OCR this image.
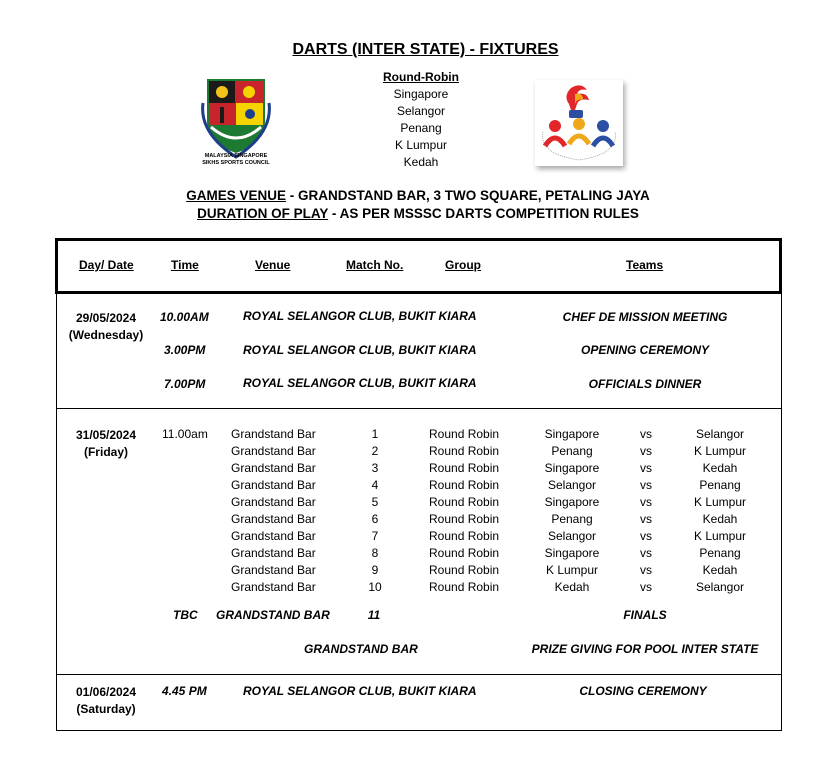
DARTS (INTER STATE) - FIXTURES
MALAYSIA SINGAPORE
SIKHS SPORTS COUNCIL
Round-Robin
Singapore
Selangor
Penang
K Lumpur
Kedah
GAMES VENUE - GRANDSTAND BAR, 3 TWO SQUARE, PETALING JAYA
DURATION OF PLAY - AS PER MSSSC DARTS COMPETITION RULES
Day/ Date	Time	Venue	Match No.	Group	Teams
29/05/2024
(Wednesday)
10.00AM	ROYAL SELANGOR CLUB, BUKIT KIARA	CHEF DE MISSION MEETING
3.00PM	ROYAL SELANGOR CLUB, BUKIT KIARA	OPENING CEREMONY
7.00PM	ROYAL SELANGOR CLUB, BUKIT KIARA	OFFICIALS DINNER
31/05/2024
(Friday)
11.00am Grandstand Bar	1	Round Robin	Singapore	vs	Selangor
Grandstand Bar	2	Round Robin	Penang	vs	K Lumpur
Grandstand Bar	3	Round Robin	Singapore	vs	Kedah
Grandstand Bar	4	Round Robin	Selangor	vs	Penang
Grandstand Bar	5	Round Robin	Singapore	vs	K Lumpur
Grandstand Bar	6	Round Robin	Penang	vs	Kedah
Grandstand Bar	7	Round Robin	Selangor	vs	K Lumpur
Grandstand Bar	8	Round Robin	Singapore	vs	Penang
Grandstand Bar	9	Round Robin	K Lumpur	vs	Kedah
Grandstand Bar	10	Round Robin	Kedah	vs	Selangor
TBC GRANDSTAND BAR	11	FINALS
GRANDSTAND BAR	PRIZE GIVING FOR POOL INTER STATE
01/06/2024
(Saturday)
4.45 PM	ROYAL SELANGOR CLUB, BUKIT KIARA	CLOSING CEREMONY
